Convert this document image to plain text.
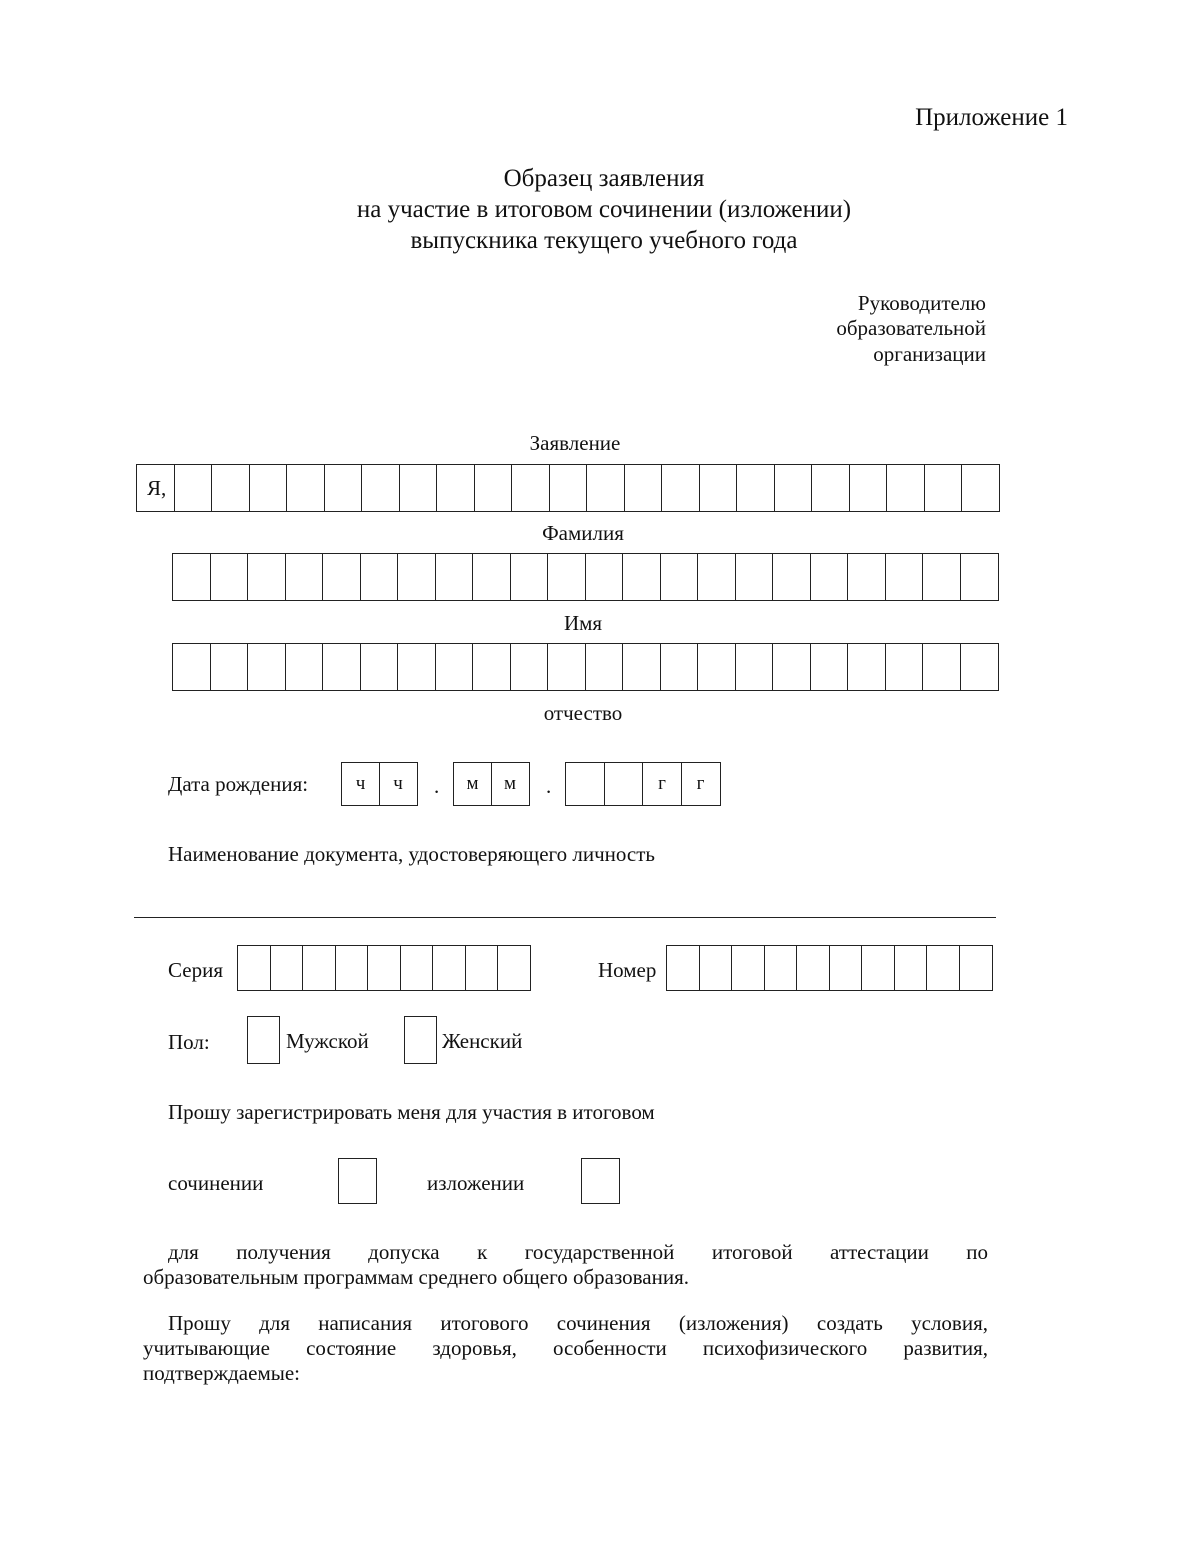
Приложение 1
Образец заявления
на участие в итоговом сочинении (изложении)
выпускника текущего учебного года
Руководителю
образовательной
организации
Заявление
Я,
Фамилия
Имя
отчество
Дата рождения:	ч	ч	.	м	м	.	г	г
Наименование документа, удостоверяющего личность
Серия	Номер
Пол:	Мужской	Женский
Прошу зарегистрировать меня для участия в итоговом
сочинении	изложении
для получения допуска к государственной итоговой аттестации по
образовательным программам среднего общего образования.
Прошу для написания итогового сочинения (изложения) создать условия,
учитывающие состояние здоровья, особенности психофизического развития,
подтверждаемые:
